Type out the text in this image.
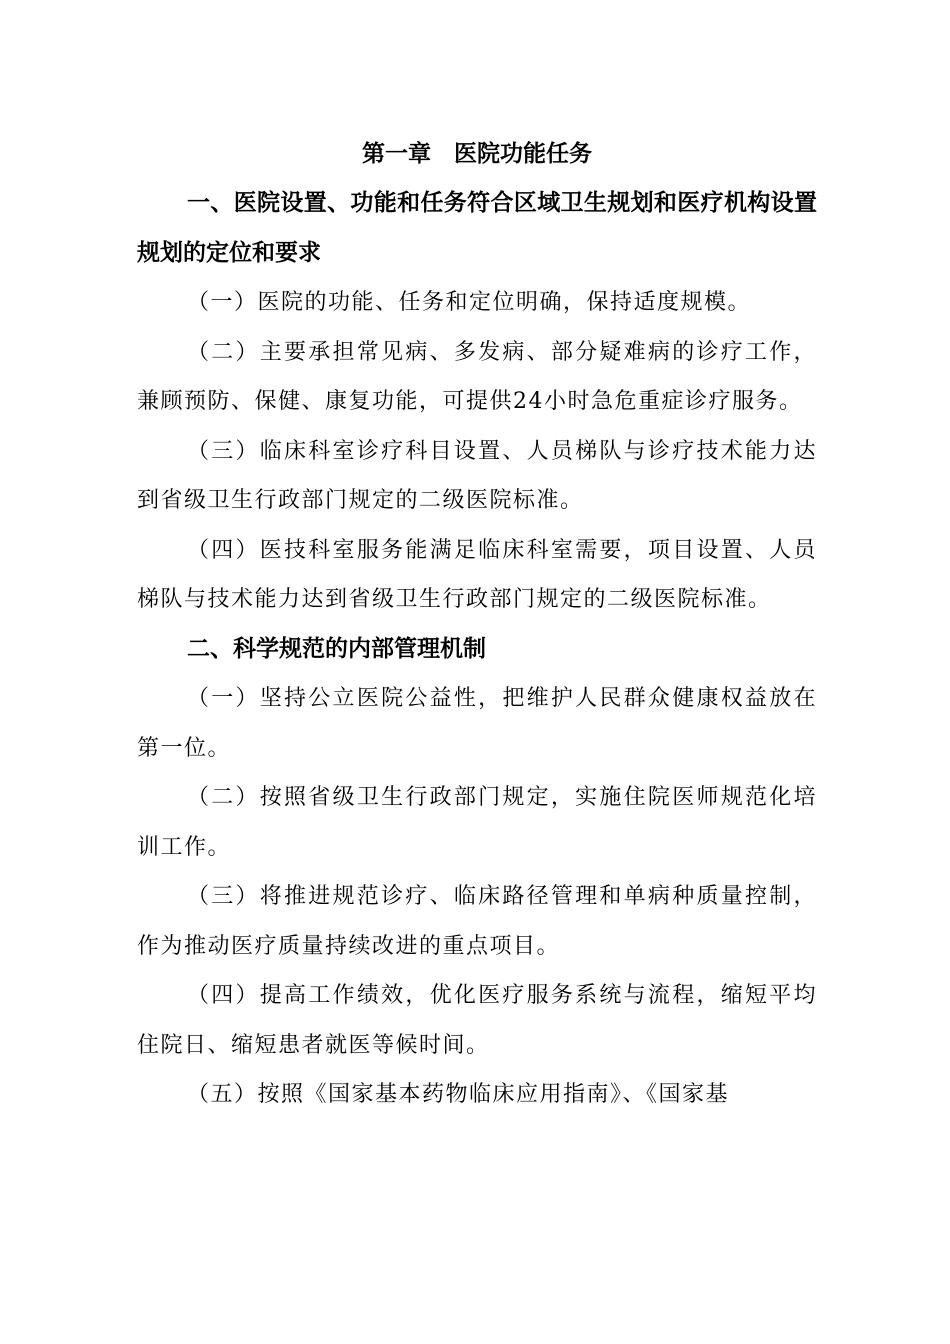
第一章　医院功能任务
一、医院设置、功能和任务符合区域卫生规划和医疗机构设置规划的定位和要求

（一）医院的功能、任务和定位明确，保持适度规模。

（二）主要承担常见病、多发病、部分疑难病的诊疗工作，兼顾预防、保健、康复功能，可提供24小时急危重症诊疗服务。

（三）临床科室诊疗科目设置、人员梯队与诊疗技术能力达到省级卫生行政部门规定的二级医院标准。

（四）医技科室服务能满足临床科室需要，项目设置、人员梯队与技术能力达到省级卫生行政部门规定的二级医院标准。

二、科学规范的内部管理机制

（一）坚持公立医院公益性，把维护人民群众健康权益放在第一位。

（二）按照省级卫生行政部门规定，实施住院医师规范化培训工作。

（三）将推进规范诊疗、临床路径管理和单病种质量控制，作为推动医疗质量持续改进的重点项目。

（四）提高工作绩效，优化医疗服务系统与流程，缩短平均住院日、缩短患者就医等候时间。

（五）按照《国家基本药物临床应用指南》、《国家基
